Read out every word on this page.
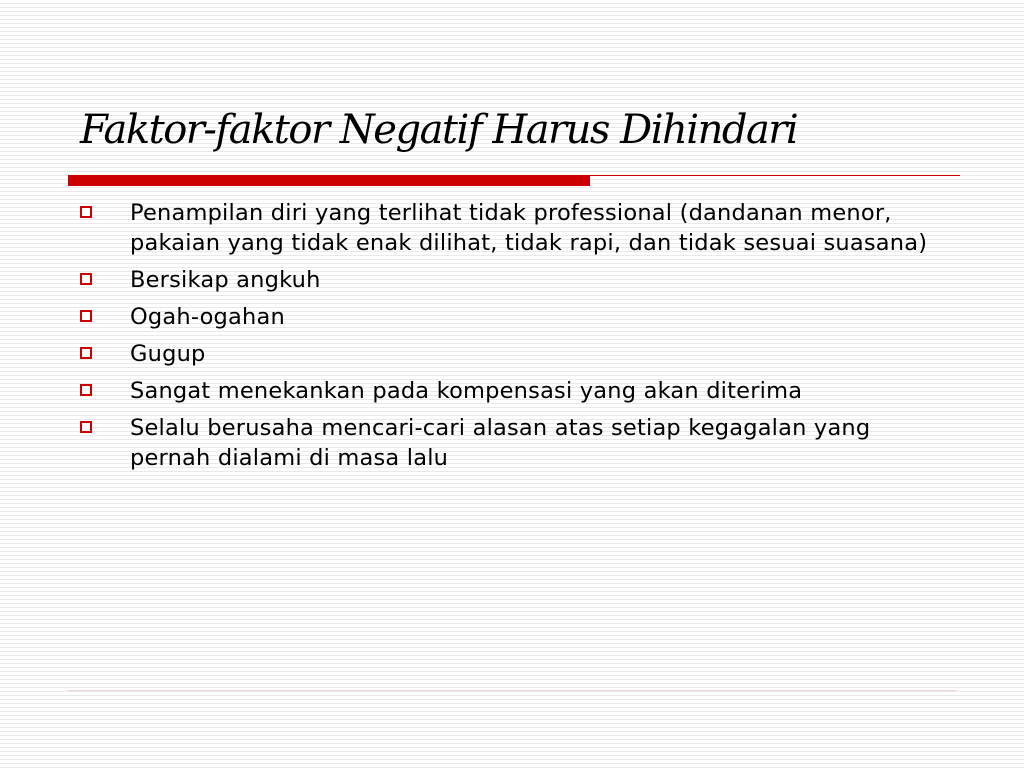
Faktor-faktor Negatif Harus Dihindari
Penampilan diri yang terlihat tidak professional (dandanan menor, pakaian yang tidak enak dilihat, tidak rapi, dan tidak sesuai suasana)
Bersikap angkuh
Ogah-ogahan
Gugup
Sangat menekankan pada kompensasi yang akan diterima
Selalu berusaha mencari-cari alasan atas setiap kegagalan yang pernah dialami di masa lalu
